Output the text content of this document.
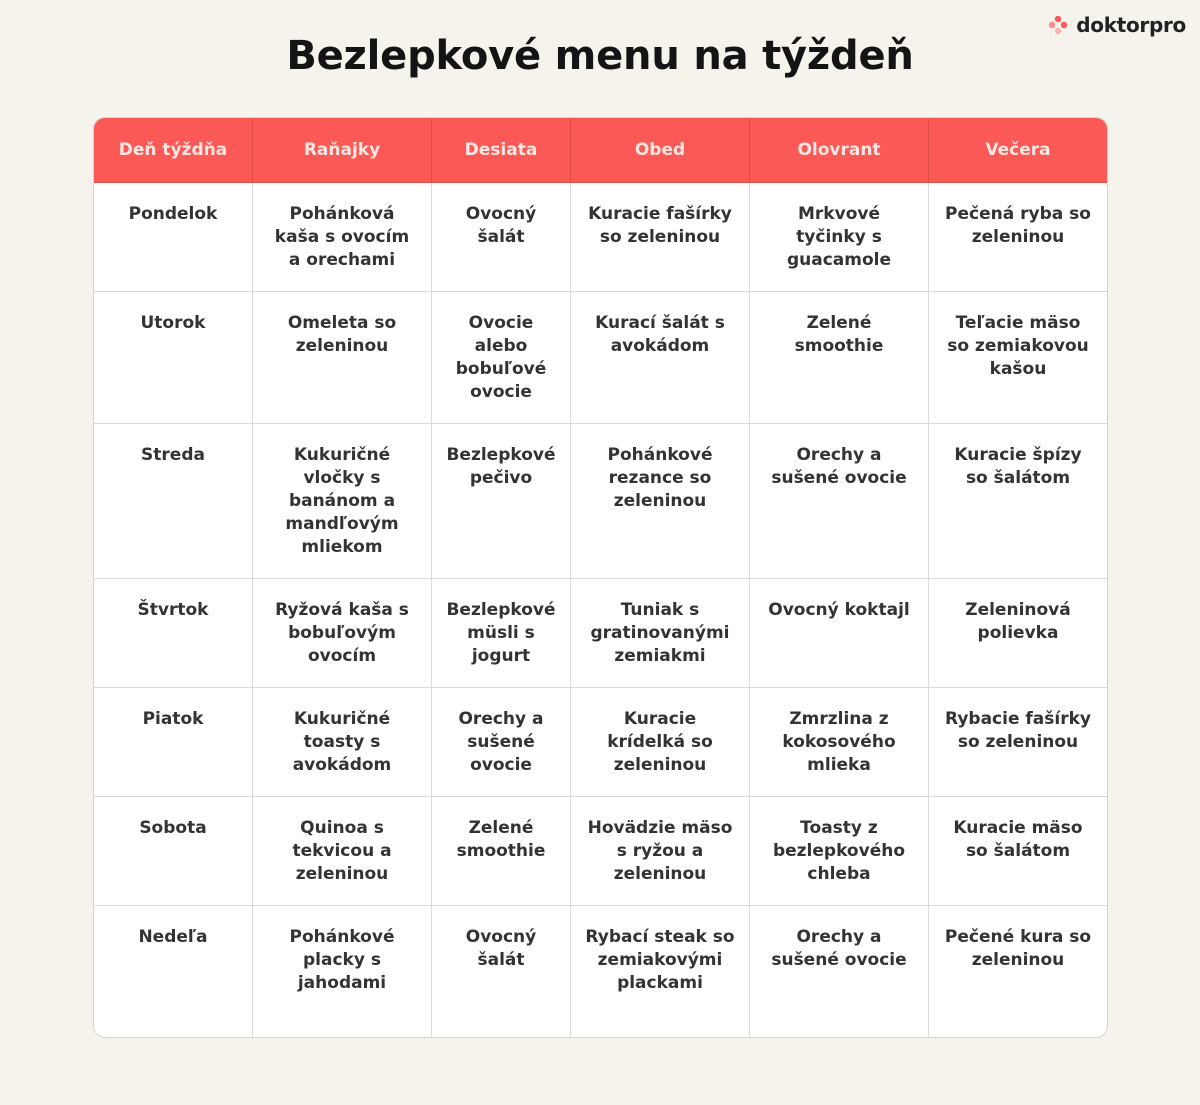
doktorpro
Bezlepkové menu na týždeň
Deň týždňa	Raňajky	Desiata	Obed	Olovrant	Večera
Pondelok	Pohánková kaša s ovocím a orechami	Ovocný šalát	Kuracie fašírky so zeleninou	Mrkvové tyčinky s guacamole	Pečená ryba so zeleninou
Utorok	Omeleta so zeleninou	Ovocie alebo bobuľové ovocie	Kurací šalát s avokádom	Zelené smoothie	Teľacie mäso so zemiakovou kašou
Streda	Kukuričné vločky s banánom a mandľovým mliekom	Bezlepkové pečivo	Pohánkové rezance so zeleninou	Orechy a sušené ovocie	Kuracie špízy so šalátom
Štvrtok	Ryžová kaša s bobuľovým ovocím	Bezlepkové müsli s jogurt	Tuniak s gratinovanými zemiakmi	Ovocný koktajl	Zeleninová polievka
Piatok	Kukuričné toasty s avokádom	Orechy a sušené ovocie	Kuracie krídelká so zeleninou	Zmrzlina z kokosového mlieka	Rybacie fašírky so zeleninou
Sobota	Quinoa s tekvicou a zeleninou	Zelené smoothie	Hovädzie mäso s ryžou a zeleninou	Toasty z bezlepkového chleba	Kuracie mäso so šalátom
Nedeľa	Pohánkové placky s jahodami	Ovocný šalát	Rybací steak so zemiakovými plackami	Orechy a sušené ovocie	Pečené kura so zeleninou
